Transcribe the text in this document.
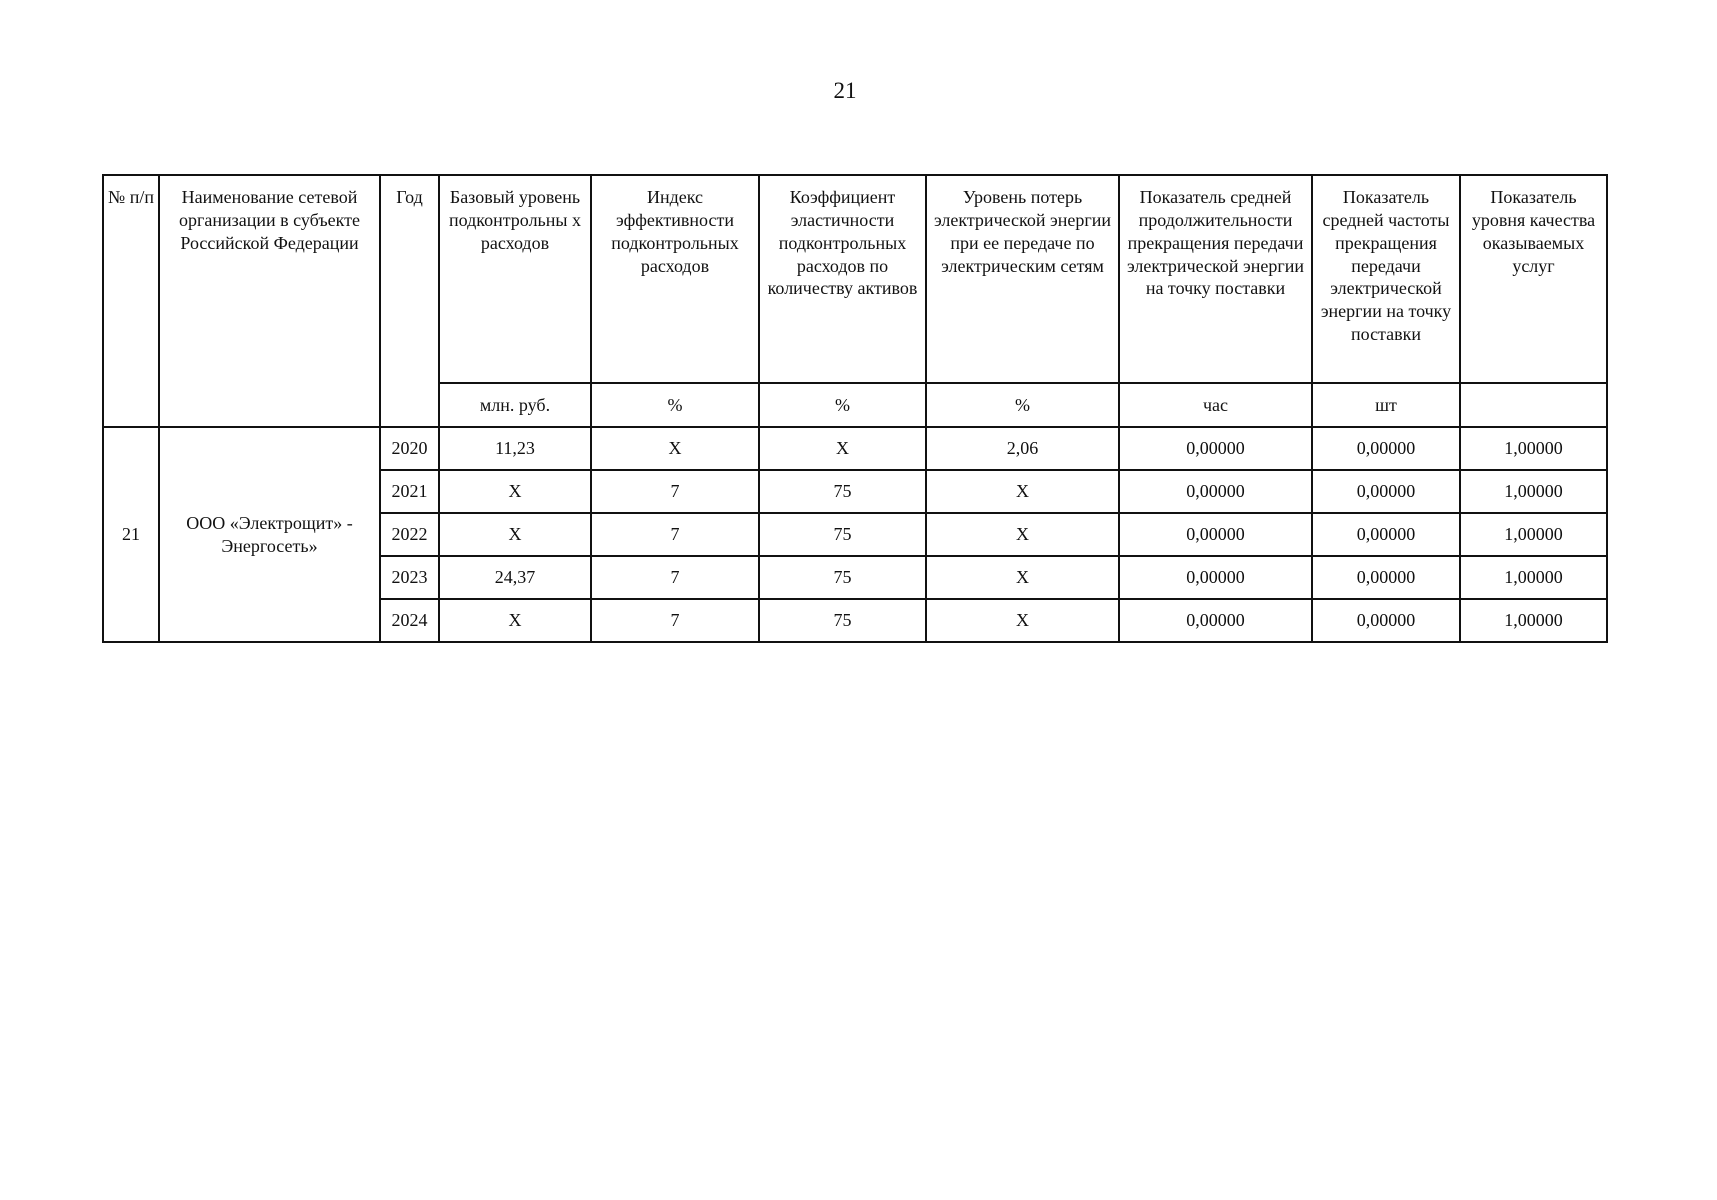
21
№ п/п	Наименование сетевой организации в субъекте Российской Федерации	Год	Базовый уровень подконтрольны х расходов	Индекс эффективности подконтрольных расходов	Коэффициент эластичности подконтрольных расходов по количеству активов	Уровень потерь электрической энергии при ее передаче по электрическим сетям	Показатель средней продолжительности прекращения передачи электрической энергии на точку поставки	Показатель средней частоты прекращения передачи электрической энергии на точку поставки	Показатель уровня качества оказываемых услуг
			млн. руб.	%	%	%	час	шт	
21	ООО «Электрощит» - Энергосеть»	2020	11,23	X	X	2,06	0,00000	0,00000	1,00000
		2021	X	7	75	X	0,00000	0,00000	1,00000
		2022	X	7	75	X	0,00000	0,00000	1,00000
		2023	24,37	7	75	X	0,00000	0,00000	1,00000
		2024	X	7	75	X	0,00000	0,00000	1,00000
